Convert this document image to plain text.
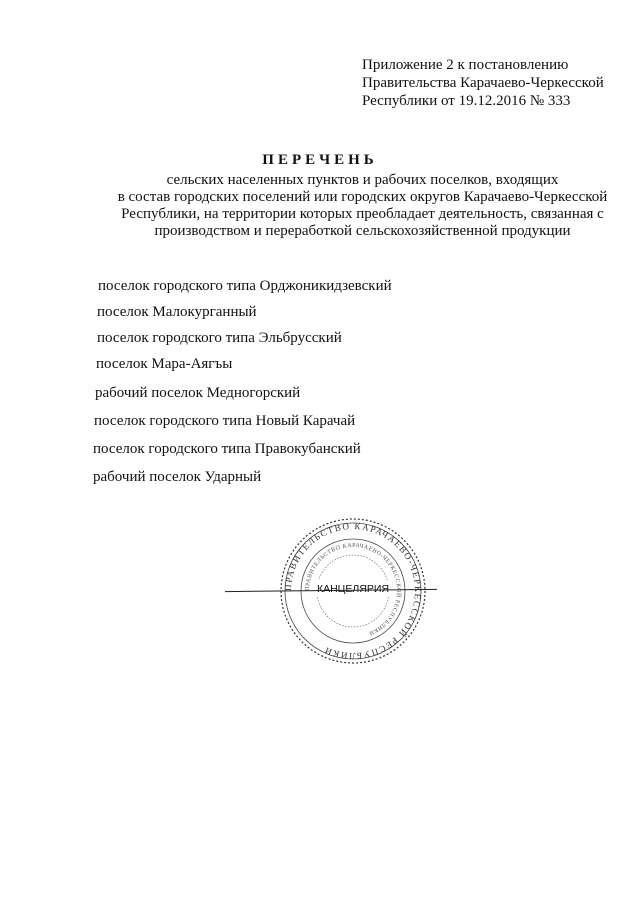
Приложение 2 к постановлению
Правительства Карачаево-Черкесской
Республики от 19.12.2016 № 333
ПЕРЕЧЕНЬ
сельских населенных пунктов и рабочих поселков, входящих
в состав городских поселений или городских округов Карачаево-Черкесской
Республики, на территории которых преобладает деятельность, связанная с
производством и переработкой сельскохозяйственной продукции
поселок городского типа Орджоникидзевский
поселок Малокурганный
поселок городского типа Эльбрусский
поселок Мара-Аягъы
рабочий поселок Медногорский
поселок городского типа Новый Карачай
поселок городского типа Правокубанский
рабочий поселок Ударный
ПРАВИТЕЛЬСТВО КАРАЧАЕВО-ЧЕРКЕССКОЙ РЕСПУБЛИКИ
ПРАВИТЕЛЬСТВО КАРАЧАЕВО-ЧЕРКЕССКОЙ РЕСПУБЛИКИ
КАНЦЕЛЯРИЯ
